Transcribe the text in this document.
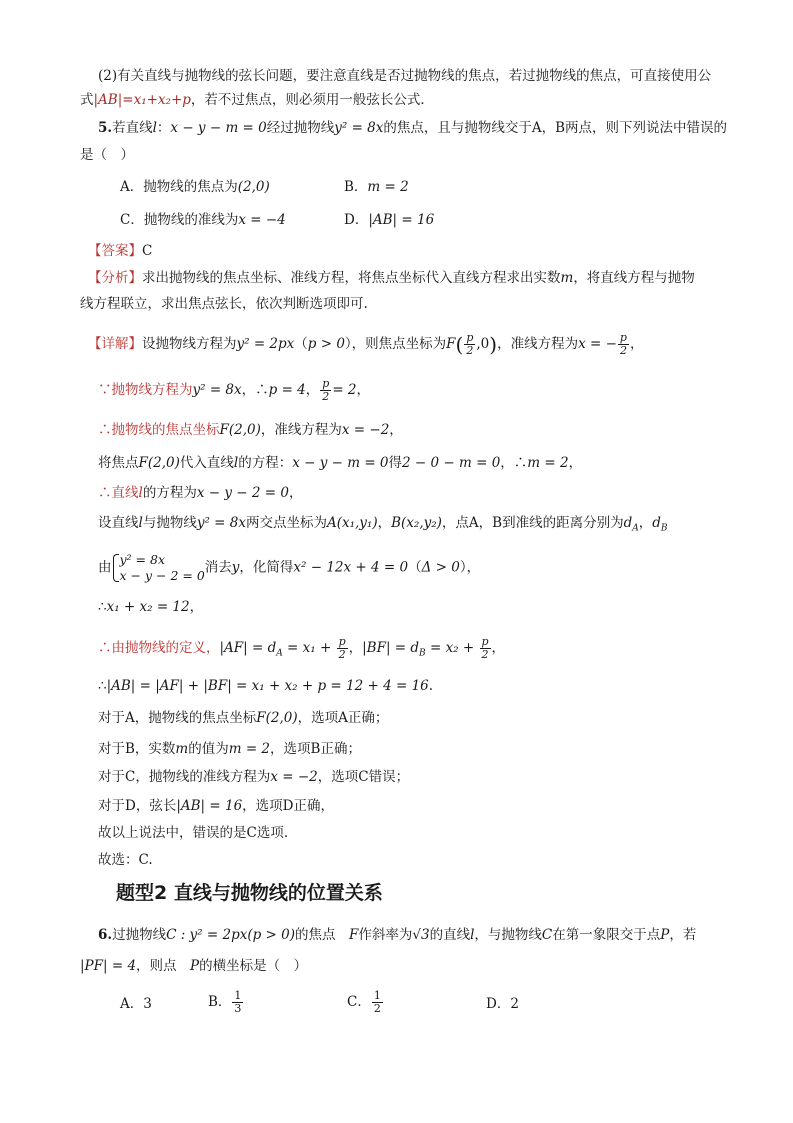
(2)有关直线与抛物线的弦长问题，要注意直线是否过抛物线的焦点，若过抛物线的焦点，可直接使用公
式|AB|=x₁+x₂+p，若不过焦点，则必须用一般弦长公式．
5.若直线l：x − y − m = 0经过抛物线y² = 8x的焦点，且与抛物线交于A，B两点，则下列说法中错误的
是（　）
A．抛物线的焦点为(2,0)	B．m = 2
C．抛物线的准线为x = −4	D．|AB| = 16
【答案】C
【分析】求出抛物线的焦点坐标、准线方程，将焦点坐标代入直线方程求出实数m，将直线方程与抛物
线方程联立，求出焦点弦长，依次判断选项即可.
【详解】设抛物线方程为y² = 2px（p > 0），则焦点坐标为$F( \frac{p}{2} ,0)$，准线方程为x = − $\frac{p}{2}$ ，
∵抛物线方程为y² = 8x，∴p = 4， $\frac{p}{2} = 2$，
∴抛物线的焦点坐标F(2,0)，准线方程为x = −2，
将焦点F(2,0)代入直线l的方程：x − y − m = 0得2 − 0 − m = 0，∴m = 2，
∴直线l的方程为x − y − 2 = 0，
设直线l与抛物线y² = 8x两交点坐标为A(x₁,y₁)，B(x₂,y₂)，点A，B到准线的距离分别为$d_A$，$d_B$
由 y² = 8x
x − y − 2 = 0 消去y，化简得x² − 12x + 4 = 0（Δ > 0），
∴x₁ + x₂ = 12，
∴由抛物线的定义，$|AF| = d_A = x_1 + \frac{p}{2}$ ，$|BF| = d_B = x_2 + \frac{p}{2}$ ，
∴|AB| = |AF| + |BF| = x₁ + x₂ + p = 12 + 4 = 16.
对于A，抛物线的焦点坐标F(2,0)，选项A正确；
对于B，实数m的值为m = 2，选项B正确；
对于C，抛物线的准线方程为x = −2，选项C错误；
对于D，弦长|AB| = 16，选项D正确，
故以上说法中，错误的是C选项.
故选：C.
题型2 直线与抛物线的位置关系
6.过抛物线C : y² = 2px(p > 0)的焦点　F作斜率为√3的直线l，与抛物线C在第一象限交于点P，若
|PF| = 4，则点　P的横坐标是（　）
A．3	B． $\frac{1}{3}$	C． $\frac{1}{2}$	D．2
